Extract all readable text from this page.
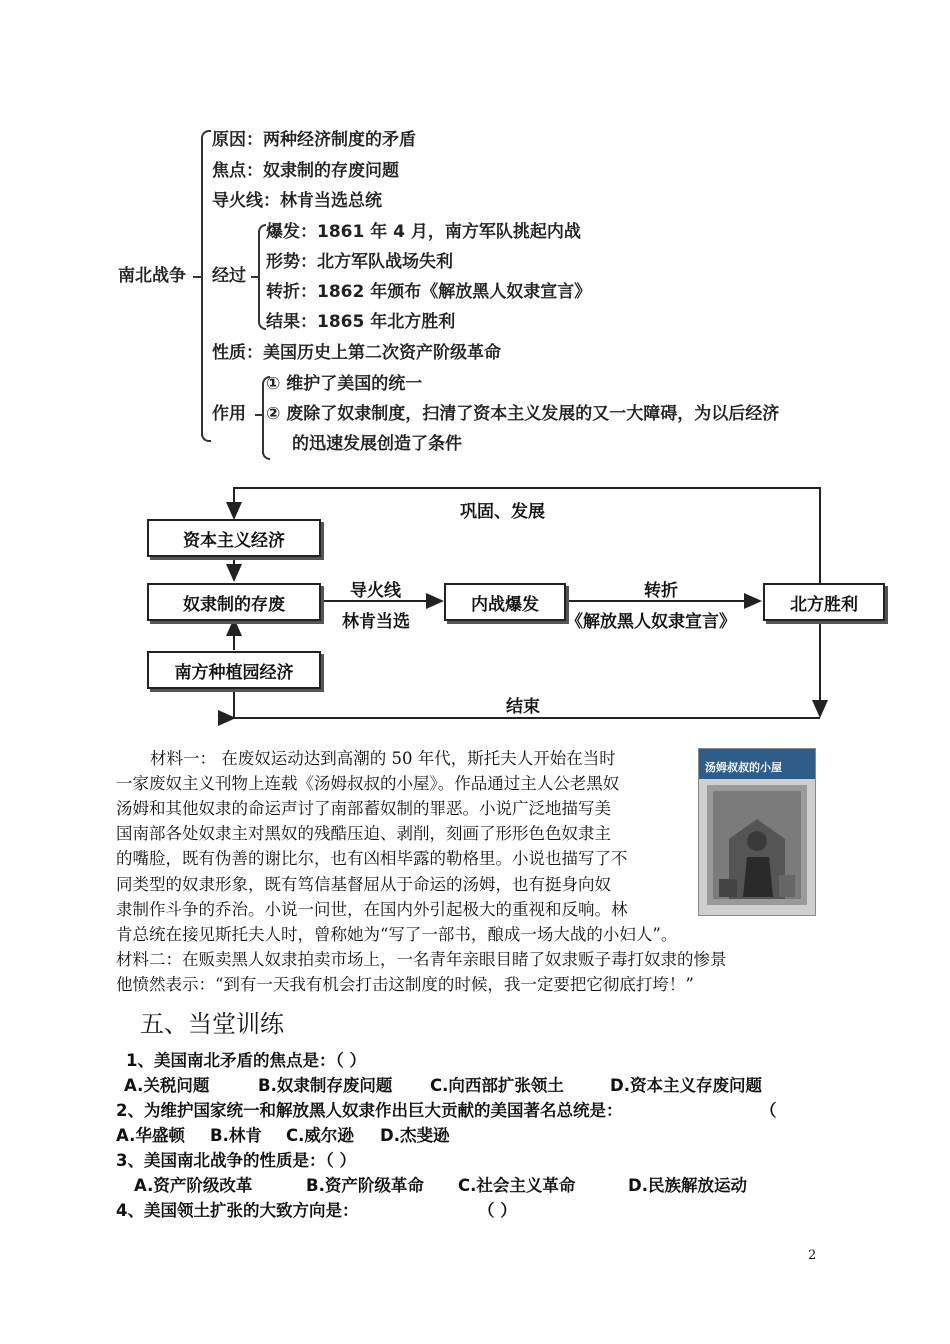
南北战争
原因：两种经济制度的矛盾
焦点：奴隶制的存废问题
导火线：林肯当选总统
经过
爆发：1861 年 4 月，南方军队挑起内战
形势：北方军队战场失利
转折：1862 年颁布《解放黑人奴隶宣言》
结果：1865 年北方胜利
性质：美国历史上第二次资产阶级革命
作用
① 维护了美国的统一
② 废除了奴隶制度，扫清了资本主义发展的又一大障碍，为以后经济
的迅速发展创造了条件
资本主义经济
奴隶制的存废
南方种植园经济
内战爆发	北方胜利
巩固、发展
导火线
林肯当选
转折
《解放黑人奴隶宣言》
结束
材料一： 在废奴运动达到高潮的 50 年代，斯托夫人开始在当时
一家废奴主义刊物上连载《汤姆叔叔的小屋》。作品通过主人公老黑奴
汤姆和其他奴隶的命运声讨了南部蓄奴制的罪恶。小说广泛地描写美
国南部各处奴隶主对黑奴的残酷压迫、剥削，刻画了形形色色奴隶主
的嘴脸，既有伪善的谢比尔，也有凶相毕露的勒格里。小说也描写了不
同类型的奴隶形象，既有笃信基督屈从于命运的汤姆，也有挺身向奴
隶制作斗争的乔治。小说一问世，在国内外引起极大的重视和反响。林
肯总统在接见斯托夫人时，曾称她为“写了一部书，酿成一场大战的小妇人”。
材料二：在贩卖黑人奴隶拍卖市场上，一名青年亲眼目睹了奴隶贩子毒打奴隶的惨景
他愤然表示：“到有一天我有机会打击这制度的时候，我一定要把它彻底打垮！”
汤姆叔叔的小屋
五、当堂训练
1、美国南北矛盾的焦点是：（ ）
A.关税问题	B.奴隶制存废问题 C.向西部扩张领土	D.资本主义存废问题
2、为维护国家统一和解放黑人奴隶作出巨大贡献的美国著名总统是：	（
A.华盛顿 B.林肯 C.威尔逊 D.杰斐逊
3、美国南北战争的性质是：（ ）
A.资产阶级改革	B.资产阶级革命 C.社会主义革命	D.民族解放运动
4、美国领土扩张的大致方向是：	（ ）
2
